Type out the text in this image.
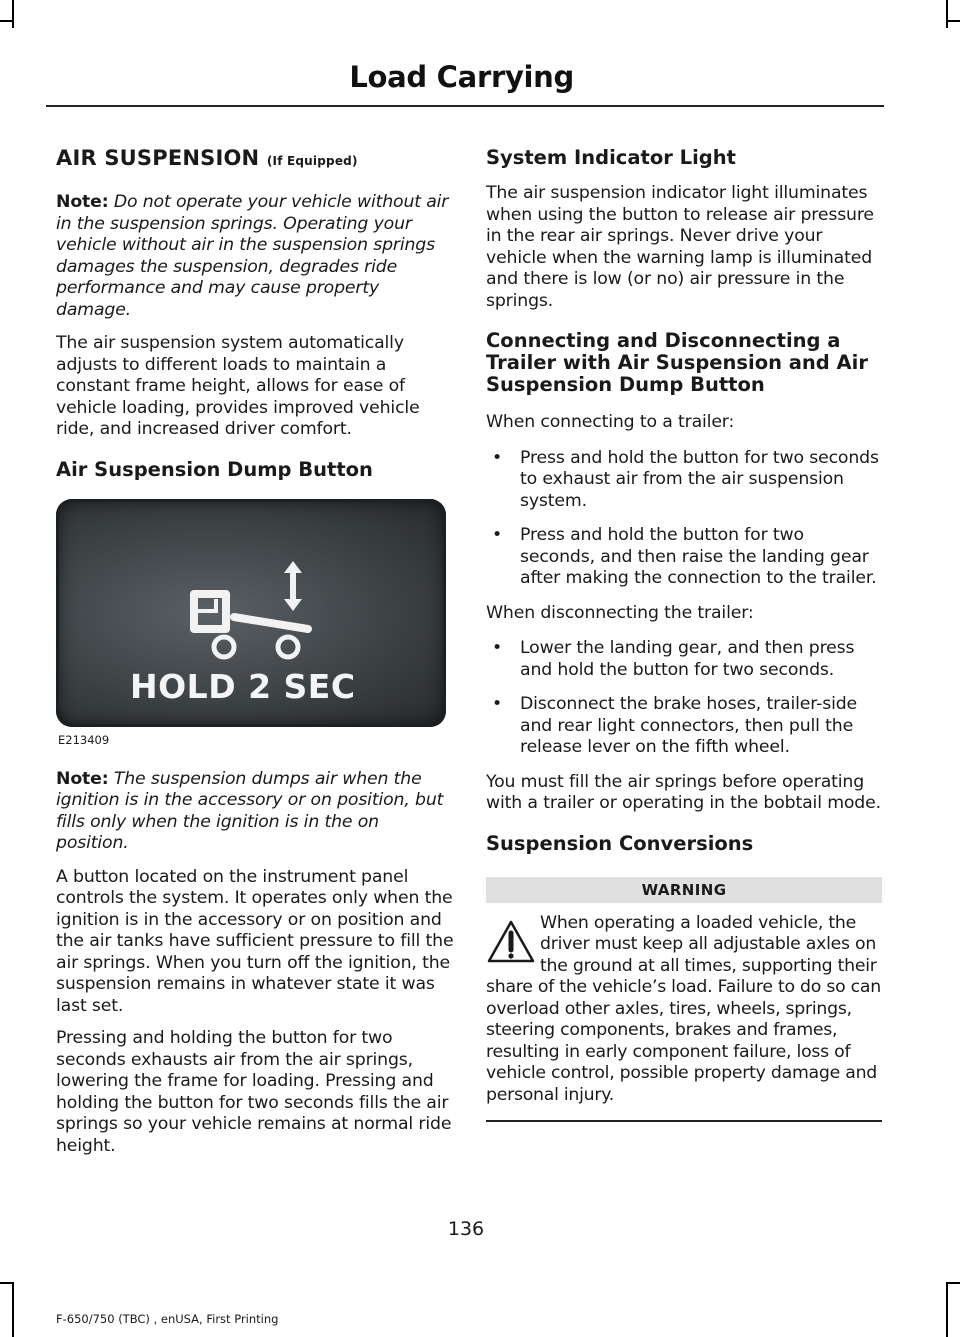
Load Carrying
AIR SUSPENSION (If Equipped)

Note: Do not operate your vehicle without air in the suspension springs. Operating your vehicle without air in the suspension springs damages the suspension, degrades ride performance and may cause property damage.

The air suspension system automatically adjusts to different loads to maintain a constant frame height, allows for ease of vehicle loading, provides improved vehicle ride, and increased driver comfort.

Air Suspension Dump Button
HOLD 2 SEC
E213409

Note: The suspension dumps air when the ignition is in the accessory or on position, but fills only when the ignition is in the on position.

A button located on the instrument panel controls the system. It operates only when the ignition is in the accessory or on position and the air tanks have sufficient pressure to fill the air springs. When you turn off the ignition, the suspension remains in whatever state it was last set.

Pressing and holding the button for two seconds exhausts air from the air springs, lowering the frame for loading. Pressing and holding the button for two seconds fills the air springs so your vehicle remains at normal ride height.

System Indicator Light

The air suspension indicator light illuminates when using the button to release air pressure in the rear air springs. Never drive your vehicle when the warning lamp is illuminated and there is low (or no) air pressure in the springs.

Connecting and Disconnecting a Trailer with Air Suspension and Air Suspension Dump Button

When connecting to a trailer:

• Press and hold the button for two seconds to exhaust air from the air suspension system.
• Press and hold the button for two seconds, and then raise the landing gear after making the connection to the trailer.

When disconnecting the trailer:

• Lower the landing gear, and then press and hold the button for two seconds.
• Disconnect the brake hoses, trailer-side and rear light connectors, then pull the release lever on the fifth wheel.

You must fill the air springs before operating with a trailer or operating in the bobtail mode.

Suspension Conversions
WARNING
When operating a loaded vehicle, the driver must keep all adjustable axles on the ground at all times, supporting their share of the vehicle’s load. Failure to do so can overload other axles, tires, wheels, springs, steering components, brakes and frames, resulting in early component failure, loss of vehicle control, possible property damage and personal injury.
136
F-650/750 (TBC) , enUSA, First Printing
